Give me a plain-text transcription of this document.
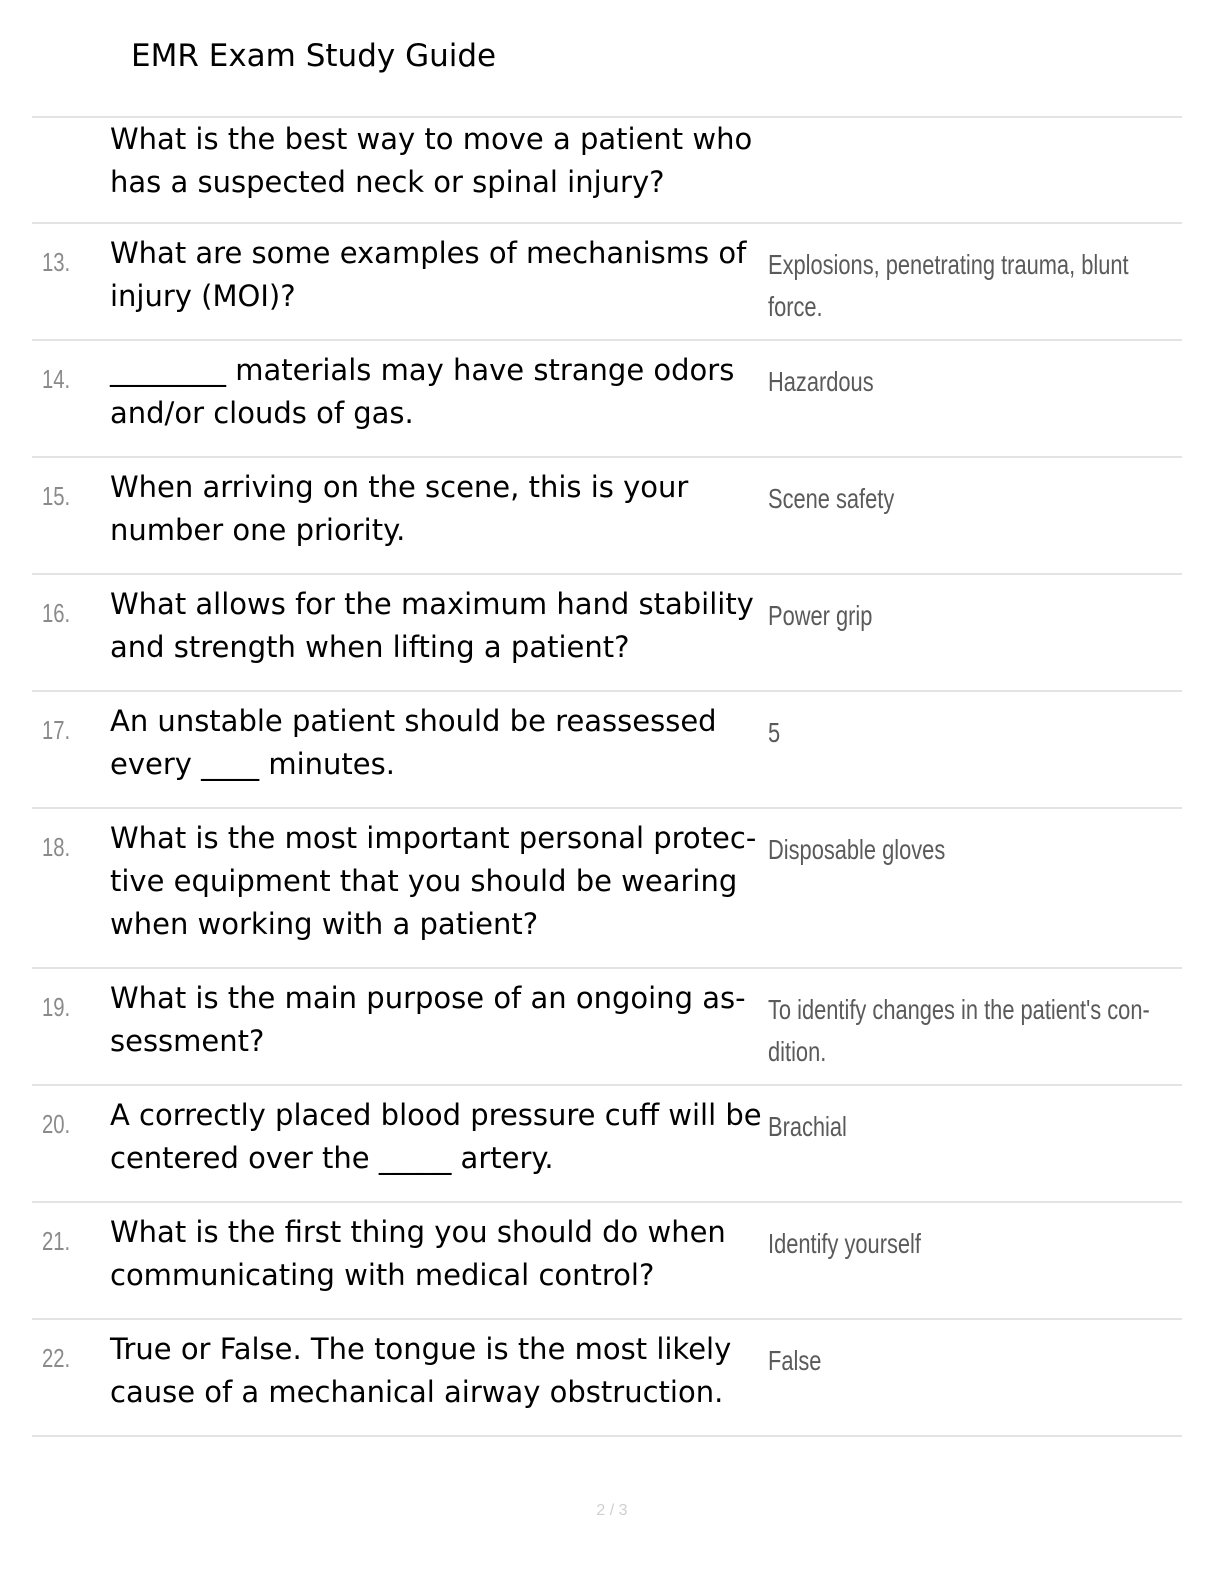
EMR Exam Study Guide
What is the best way to move a patient who
has a suspected neck or spinal injury?
13. What are some examples of mechanisms of
injury (MOI)?
Explosions, penetrating trauma, blunt
force.
14. ________ materials may have strange odors
and/or clouds of gas.
Hazardous
15. When arriving on the scene, this is your
number one priority.
Scene safety
16. What allows for the maximum hand stability
and strength when lifting a patient?
Power grip
17. An unstable patient should be reassessed
every ____ minutes.
5
18. What is the most important personal protec-
tive equipment that you should be wearing
when working with a patient?
Disposable gloves
19. What is the main purpose of an ongoing as-
sessment?
To identify changes in the patient's con-
dition.
20. A correctly placed blood pressure cuff will be
centered over the _____ artery.
Brachial
21. What is the first thing you should do when
communicating with medical control?
Identify yourself
22. True or False. The tongue is the most likely
cause of a mechanical airway obstruction.
False
2 / 3
